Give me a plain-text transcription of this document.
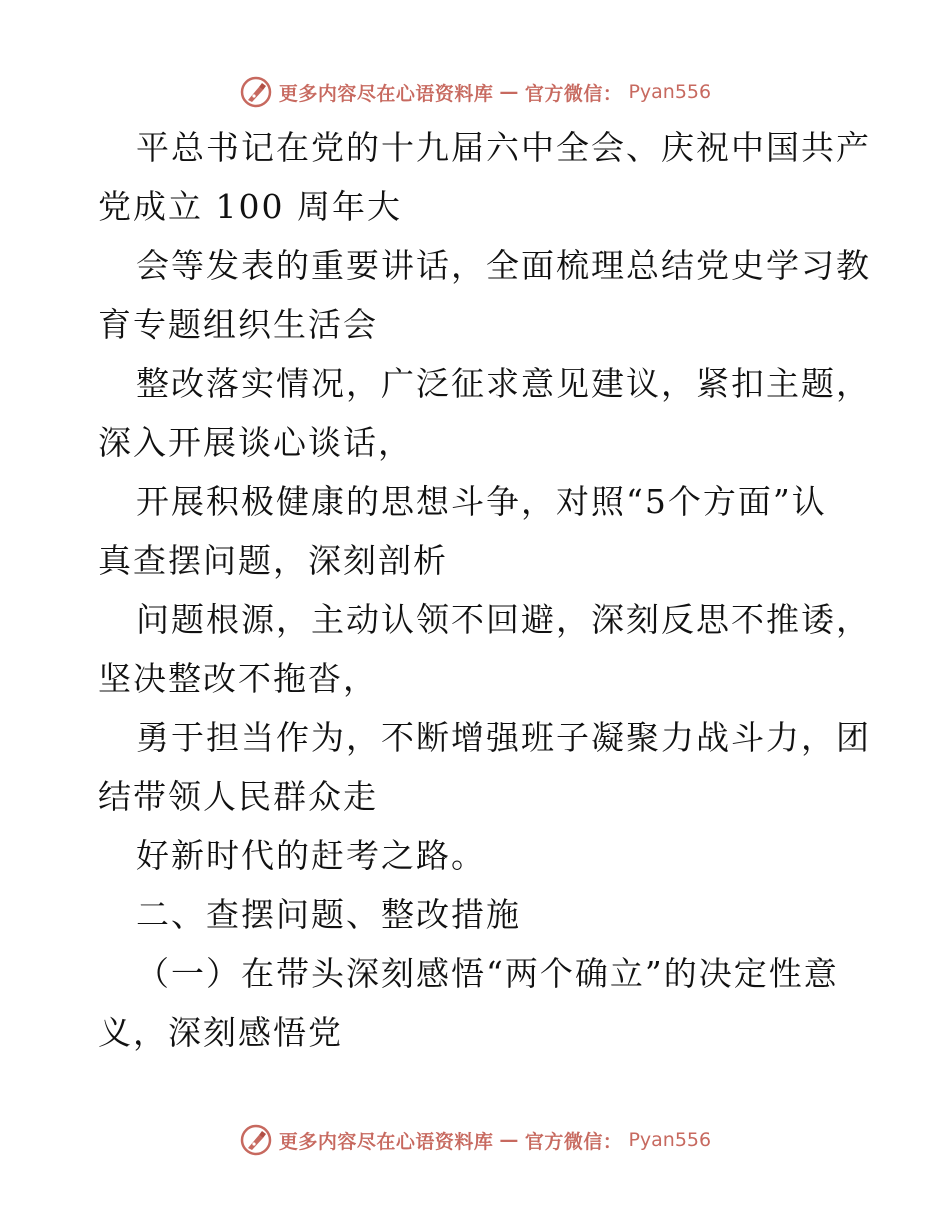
更多内容尽在心语资料库 — 官方微信： Pyan556
平总书记在党的十九届六中全会、庆祝中国共产
党成立 100 周年大
会等发表的重要讲话，全面梳理总结党史学习教
育专题组织生活会
整改落实情况，广泛征求意见建议，紧扣主题，
深入开展谈心谈话，
开展积极健康的思想斗争，对照“5个方面”认
真查摆问题，深刻剖析
问题根源，主动认领不回避，深刻反思不推诿，
坚决整改不拖沓，
勇于担当作为，不断增强班子凝聚力战斗力，团
结带领人民群众走
好新时代的赶考之路。
二、查摆问题、整改措施
（一）在带头深刻感悟“两个确立”的决定性意
义，深刻感悟党
更多内容尽在心语资料库 — 官方微信： Pyan556
